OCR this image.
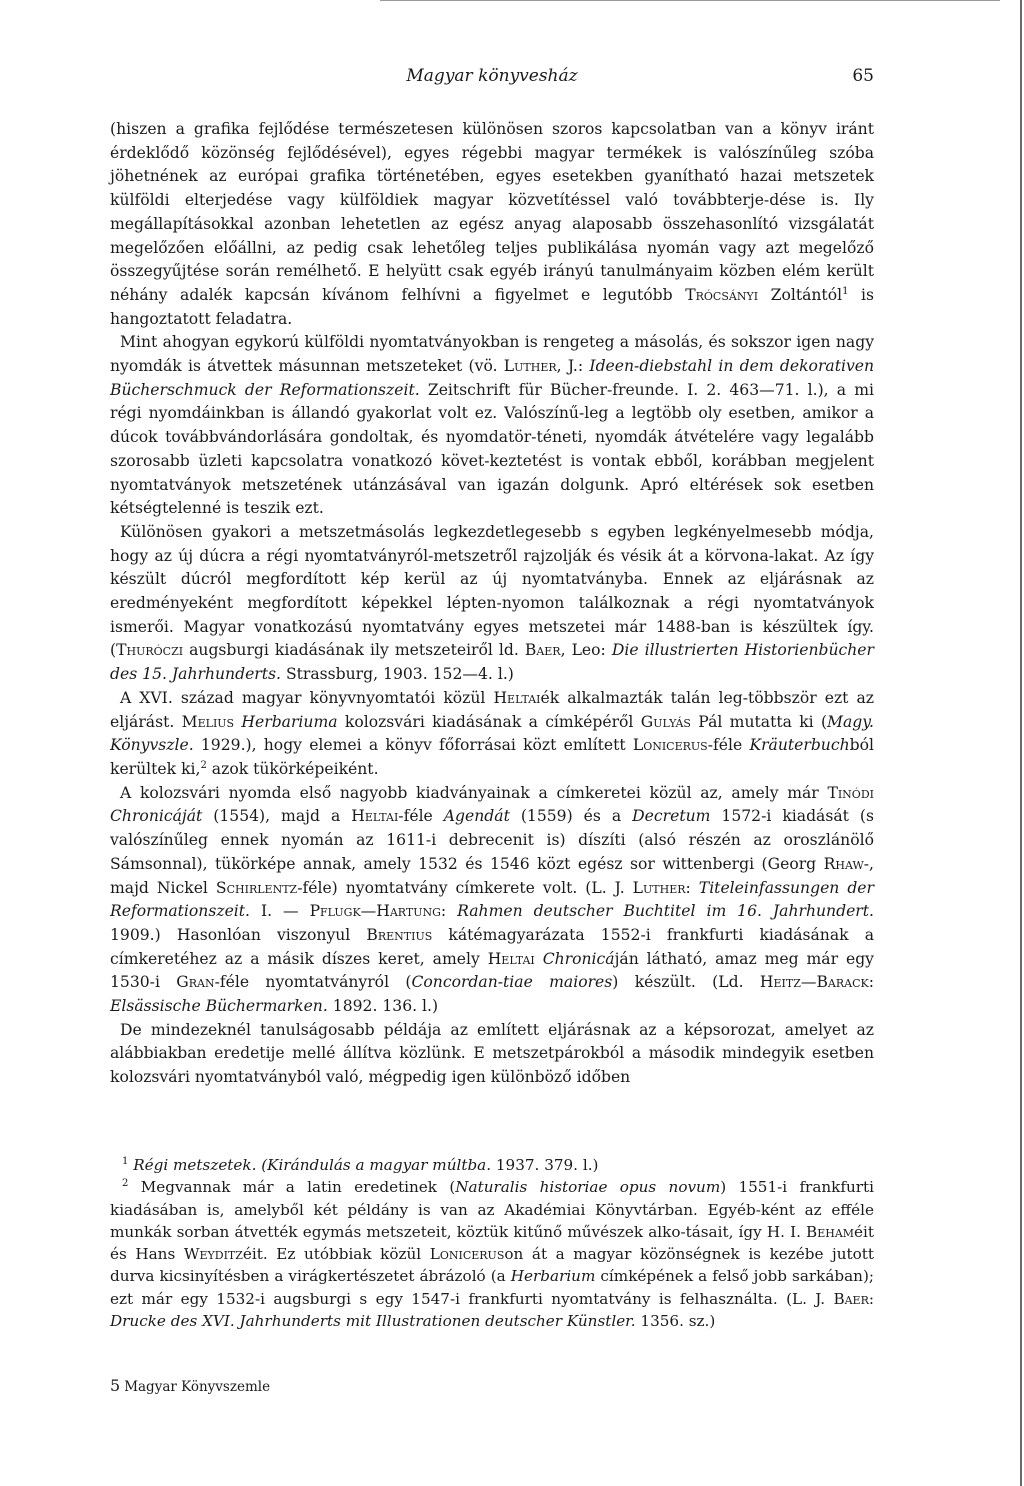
Magyar könyvesház	65

(hiszen a grafika fejlődése természetesen különösen szoros kapcsolatban van a könyv iránt érdeklődő közönség fejlődésével), egyes régebbi magyar termékek is valószínűleg szóba jöhetnének az európai grafika történetében, egyes esetekben gyanítható hazai metszetek külföldi elterjedése vagy külföldiek magyar közvetítéssel való továbbterje-dése is. Ily megállapításokkal azonban lehetetlen az egész anyag alaposabb összehasonlító vizsgálatát megelőzően előállni, az pedig csak lehetőleg teljes publikálása nyomán vagy azt megelőző összegyűjtése során remélhető. E helyütt csak egyéb irányú tanulmányaim közben elém került néhány adalék kapcsán kívánom felhívni a figyelmet e legutóbb Trócsányi Zoltántól$^1$ is hangoztatott feladatra.

Mint ahogyan egykorú külföldi nyomtatványokban is rengeteg a másolás, és sokszor igen nagy nyomdák is átvettek másunnan metszeteket (vö. Luther, J.: Ideen-diebstahl in dem dekorativen Bücherschmuck der Reformationszeit. Zeitschrift für Bücher-freunde. I. 2. 463—71. l.), a mi régi nyomdáinkban is állandó gyakorlat volt ez. Valószínű-leg a legtöbb oly esetben, amikor a dúcok továbbvándorlására gondoltak, és nyomdatör-téneti, nyomdák átvételére vagy legalább szorosabb üzleti kapcsolatra vonatkozó követ-keztetést is vontak ebből, korábban megjelent nyomtatványok metszetének utánzásával van igazán dolgunk. Apró eltérések sok esetben kétségtelenné is teszik ezt.

Különösen gyakori a metszetmásolás legkezdetlegesebb s egyben legkényelmesebb módja, hogy az új dúcra a régi nyomtatványról-metszetről rajzolják és vésik át a körvona-lakat. Az így készült dúcról megfordított kép kerül az új nyomtatványba. Ennek az eljárásnak az eredményeként megfordított képekkel lépten-nyomon találkoznak a régi nyomtatványok ismerői. Magyar vonatkozású nyomtatvány egyes metszetei már 1488-ban is készültek így. (Thuróczi augsburgi kiadásának ily metszeteiről ld. Baer, Leo: Die illustrierten Historienbücher des 15. Jahrhunderts. Strassburg, 1903. 152—4. l.)

A XVI. század magyar könyvnyomtatói közül Heltaiék alkalmazták talán leg-többször ezt az eljárást. Melius Herbariuma kolozsvári kiadásának a címképéről Gulyás Pál mutatta ki (Magy. Könyvszle. 1929.), hogy elemei a könyv főforrásai közt említett Lonicerus-féle Kräuterbuchból kerültek ki,$^2$ azok tükörképeiként.

A kolozsvári nyomda első nagyobb kiadványainak a címkeretei közül az, amely már Tinódi Chronicáját (1554), majd a Heltai-féle Agendát (1559) és a Decretum 1572-i kiadását (s valószínűleg ennek nyomán az 1611-i debrecenit is) díszíti (alsó részén az oroszlánölő Sámsonnal), tükörképe annak, amely 1532 és 1546 közt egész sor wittenbergi (Georg Rhaw-, majd Nickel Schirlentz-féle) nyomtatvány címkerete volt. (L. J. Luther: Titeleinfassungen der Reformationszeit. I. — Pflugk—Hartung: Rahmen deutscher Buchtitel im 16. Jahrhundert. 1909.) Hasonlóan viszonyul Brentius kátémagyarázata 1552-i frankfurti kiadásának a címkeretéhez az a másik díszes keret, amely Heltai Chronicáján látható, amaz meg már egy 1530-i Gran-féle nyomtatványról (Concordan-tiae maiores) készült. (Ld. Heitz—Barack: Elsässische Büchermarken. 1892. 136. l.)

De mindezeknél tanulságosabb példája az említett eljárásnak az a képsorozat, amelyet az alábbiakban eredetije mellé állítva közlünk. E metszetpárokból a második mindegyik esetben kolozsvári nyomtatványból való, mégpedig igen különböző időben

$^1$ Régi metszetek. (Kirándulás a magyar múltba. 1937. 379. l.)

$^2$ Megvannak már a latin eredetinek (Naturalis historiae opus novum) 1551-i frankfurti kiadásában is, amelyből két példány is van az Akadémiai Könyvtárban. Egyéb-ként az efféle munkák sorban átvették egymás metszeteit, köztük kitűnő művészek alko-tásait, így H. I. Behaméit és Hans Weyditzéit. Ez utóbbiak közül Loniceruson át a magyar közönségnek is kezébe jutott durva kicsinyítésben a virágkertészetet ábrázoló (a Herbarium címképének a felső jobb sarkában); ezt már egy 1532-i augsburgi s egy 1547-i frankfurti nyomtatvány is felhasználta. (L. J. Baer: Drucke des XVI. Jahrhunderts mit Illustrationen deutscher Künstler. 1356. sz.)

5 Magyar Könyvszemle
